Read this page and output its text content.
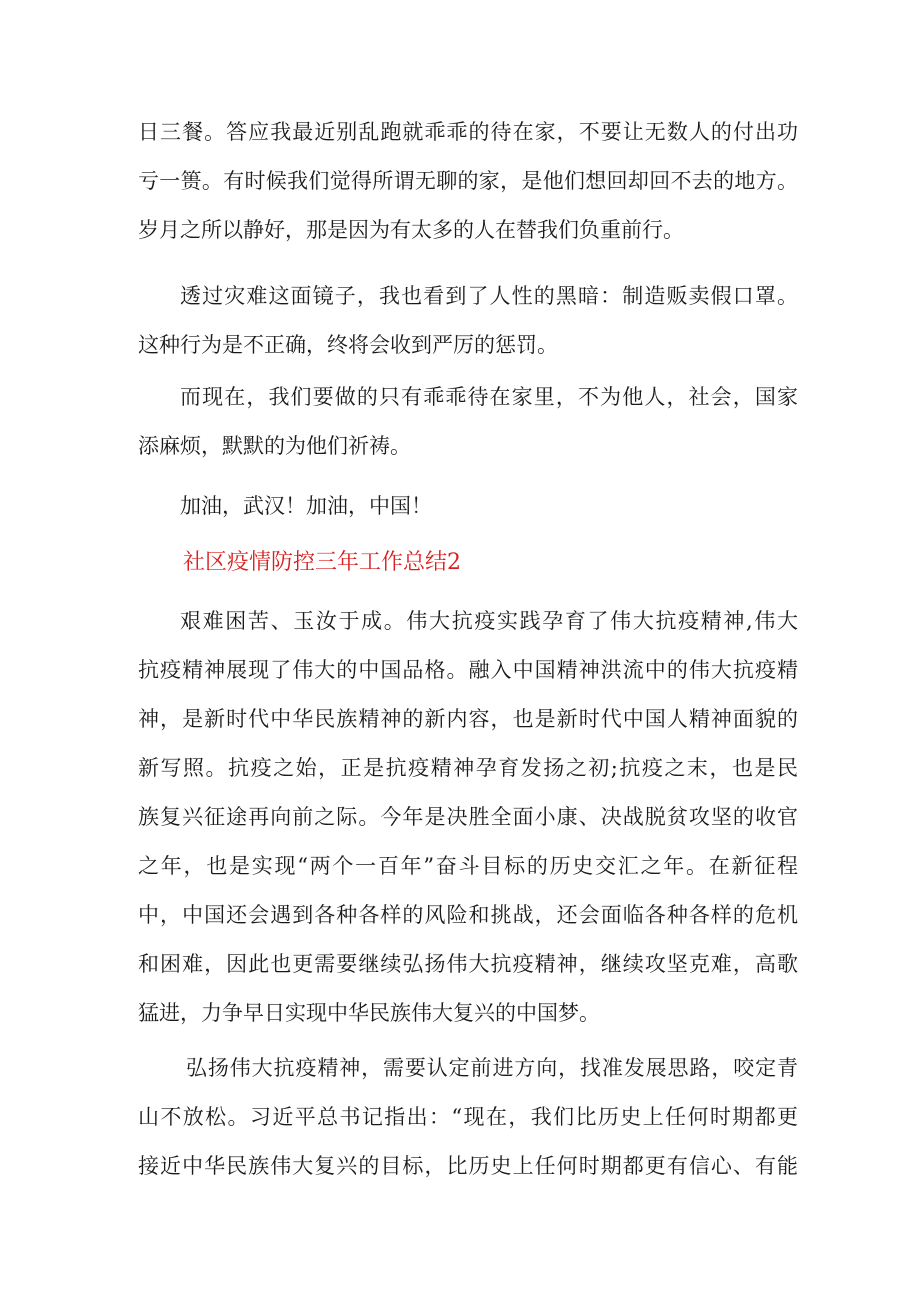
日三餐。答应我最近别乱跑就乖乖的待在家，不要让无数人的付出功
亏一篑。有时候我们觉得所谓无聊的家，是他们想回却回不去的地方。
岁月之所以静好，那是因为有太多的人在替我们负重前行。
透过灾难这面镜子，我也看到了人性的黑暗：制造贩卖假口罩。
这种行为是不正确，终将会收到严厉的惩罚。
而现在，我们要做的只有乖乖待在家里，不为他人，社会，国家
添麻烦，默默的为他们祈祷。
加油，武汉！加油，中国！
社区疫情防控三年工作总结2
艰难困苦、玉汝于成。伟大抗疫实践孕育了伟大抗疫精神,伟大
抗疫精神展现了伟大的中国品格。融入中国精神洪流中的伟大抗疫精
神，是新时代中华民族精神的新内容，也是新时代中国人精神面貌的
新写照。抗疫之始，正是抗疫精神孕育发扬之初;抗疫之末，也是民
族复兴征途再向前之际。今年是决胜全面小康、决战脱贫攻坚的收官
之年，也是实现“两个一百年”奋斗目标的历史交汇之年。在新征程
中，中国还会遇到各种各样的风险和挑战，还会面临各种各样的危机
和困难，因此也更需要继续弘扬伟大抗疫精神，继续攻坚克难，高歌
猛进，力争早日实现中华民族伟大复兴的中国梦。
弘扬伟大抗疫精神，需要认定前进方向，找准发展思路，咬定青
山不放松。习近平总书记指出：“现在，我们比历史上任何时期都更
接近中华民族伟大复兴的目标，比历史上任何时期都更有信心、有能
